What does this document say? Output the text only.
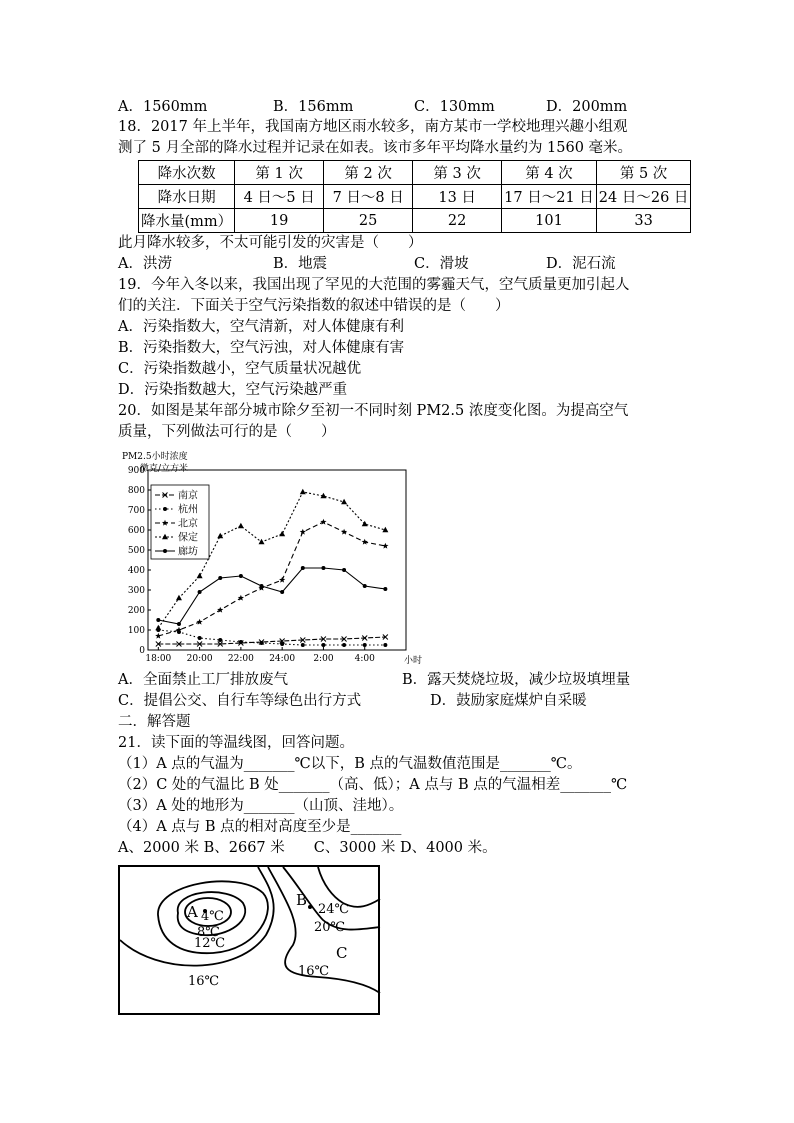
A．1560mm	B．156mm	C．130mm	D．200mm
18．2017 年上半年，我国南方地区雨水较多，南方某市一学校地理兴趣小组观
测了 5 月全部的降水过程并记录在如表。该市多年平均降水量约为 1560 毫米。
降水次数	第 1 次	第 2 次	第 3 次	第 4 次	第 5 次
降水日期	4 日～5 日	7 日～8 日	13 日	17 日～21 日	24 日～26 日
降水量(mm）	19	25	22	101	33
此月降水较多，不太可能引发的灾害是（　　）
A．洪涝	B．地震	C．滑坡	D．泥石流
19．今年入冬以来，我国出现了罕见的大范围的雾霾天气，空气质量更加引起人
们的关注．下面关于空气污染指数的叙述中错误的是（　　）
A．污染指数大，空气清新，对人体健康有利
B．污染指数大，空气污浊，对人体健康有害
C．污染指数越小，空气质量状况越优
D．污染指数越大，空气污染越严重
20．如图是某年部分城市除夕至初一不同时刻 PM2.5 浓度变化图。为提高空气
质量，下列做法可行的是（　　）
PM2.5小时浓度
微克/立方米
0
100
200
300
400
500
600
700
800
900
18:00 20:00 22:00 24:00 2:00 4:00
南京
杭州
北京
保定
廊坊
小时
A．全面禁止工厂排放废气	B．露天焚烧垃圾，减少垃圾填埋量
C．提倡公交、自行车等绿色出行方式	D．鼓励家庭煤炉自采暖
二．解答题
21．读下面的等温线图，回答问题。
（1）A 点的气温为_______℃以下，B 点的气温数值范围是_______℃。
（2）C 处的气温比 B 处_______（高、低）；A 点与 B 点的气温相差_______℃
（3）A 处的地形为_______（山顶、洼地）。
（4）A 点与 B 点的相对高度至少是_______
A、2000 米 B、2667 米　　C、3000 米 D、4000 米。
A 4℃
8℃
12℃
B
24℃
20℃
C
16℃
16℃
